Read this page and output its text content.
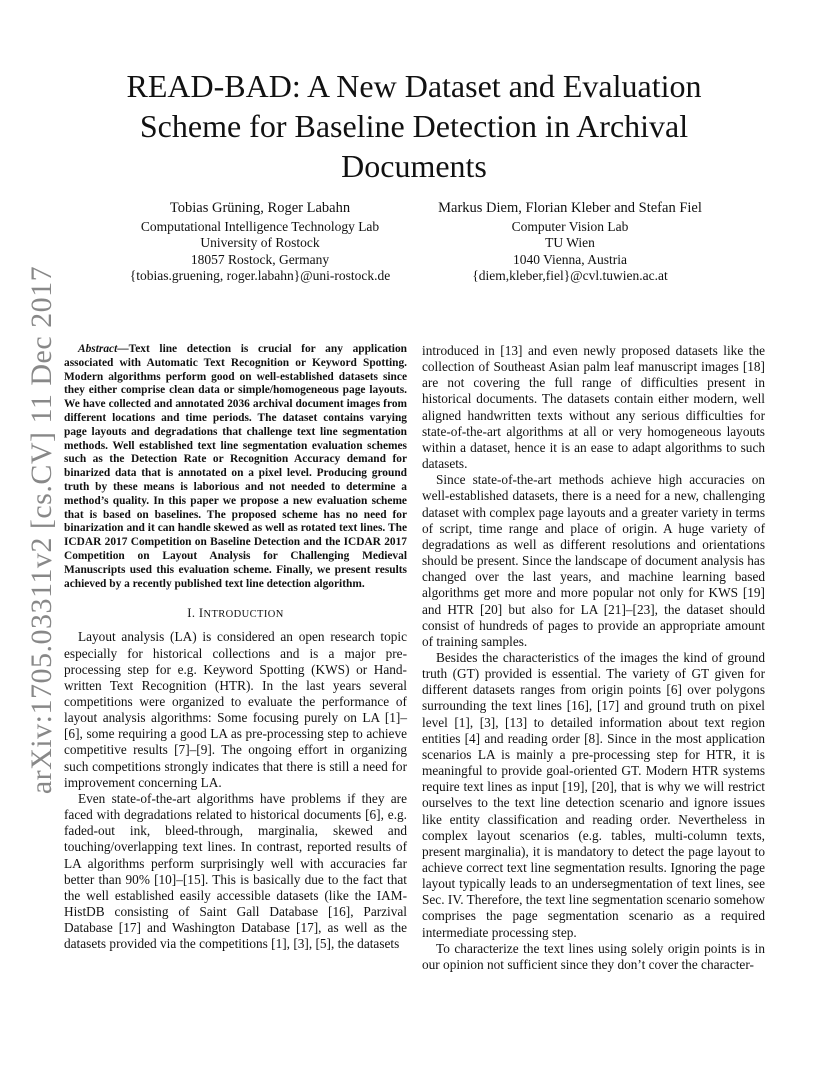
arXiv:1705.03311v2 [cs.CV] 11 Dec 2017
READ-BAD: A New Dataset and Evaluation Scheme for Baseline Detection in Archival Documents
Tobias Grüning, Roger Labahn
Computational Intelligence Technology Lab
University of Rostock
18057 Rostock, Germany
{tobias.gruening, roger.labahn}@uni-rostock.de
Markus Diem, Florian Kleber and Stefan Fiel
Computer Vision Lab
TU Wien
1040 Vienna, Austria
{diem,kleber,fiel}@cvl.tuwien.ac.at

Abstract—Text line detection is crucial for any application associated with Automatic Text Recognition or Keyword Spotting. Modern algorithms perform good on well-established datasets since they either comprise clean data or simple/homogeneous page layouts. We have collected and annotated 2036 archival document images from different locations and time periods. The dataset contains varying page layouts and degradations that challenge text line segmentation methods. Well established text line segmentation evaluation schemes such as the Detection Rate or Recognition Accuracy demand for binarized data that is annotated on a pixel level. Producing ground truth by these means is laborious and not needed to determine a method’s quality. In this paper we propose a new evaluation scheme that is based on baselines. The proposed scheme has no need for binarization and it can handle skewed as well as rotated text lines. The ICDAR 2017 Competition on Baseline Detection and the ICDAR 2017 Competition on Layout Analysis for Challenging Medieval Manuscripts used this evaluation scheme. Finally, we present results achieved by a recently published text line detection algorithm.

I. INTRODUCTION

Layout analysis (LA) is considered an open research topic especially for historical collections and is a major pre-processing step for e.g. Keyword Spotting (KWS) or Hand-written Text Recognition (HTR). In the last years several competitions were organized to evaluate the performance of layout analysis algorithms: Some focusing purely on LA [1]–[6], some requiring a good LA as pre-processing step to achieve competitive results [7]–[9]. The ongoing effort in organizing such competitions strongly indicates that there is still a need for improvement concerning LA.

Even state-of-the-art algorithms have problems if they are faced with degradations related to historical documents [6], e.g. faded-out ink, bleed-through, marginalia, skewed and touching/overlapping text lines. In contrast, reported results of LA algorithms perform surprisingly well with accuracies far better than 90% [10]–[15]. This is basically due to the fact that the well established easily accessible datasets (like the IAM-HistDB consisting of Saint Gall Database [16], Parzival Database [17] and Washington Database [17], as well as the datasets provided via the competitions [1], [3], [5], the datasets

introduced in [13] and even newly proposed datasets like the collection of Southeast Asian palm leaf manuscript images [18] are not covering the full range of difficulties present in historical documents. The datasets contain either modern, well aligned handwritten texts without any serious difficulties for state-of-the-art algorithms at all or very homogeneous layouts within a dataset, hence it is an ease to adapt algorithms to such datasets.

Since state-of-the-art methods achieve high accuracies on well-established datasets, there is a need for a new, challenging dataset with complex page layouts and a greater variety in terms of script, time range and place of origin. A huge variety of degradations as well as different resolutions and orientations should be present. Since the landscape of document analysis has changed over the last years, and machine learning based algorithms get more and more popular not only for KWS [19] and HTR [20] but also for LA [21]–[23], the dataset should consist of hundreds of pages to provide an appropriate amount of training samples.

Besides the characteristics of the images the kind of ground truth (GT) provided is essential. The variety of GT given for different datasets ranges from origin points [6] over polygons surrounding the text lines [16], [17] and ground truth on pixel level [1], [3], [13] to detailed information about text region entities [4] and reading order [8]. Since in the most application scenarios LA is mainly a pre-processing step for HTR, it is meaningful to provide goal-oriented GT. Modern HTR systems require text lines as input [19], [20], that is why we will restrict ourselves to the text line detection scenario and ignore issues like entity classification and reading order. Nevertheless in complex layout scenarios (e.g. tables, multi-column texts, present marginalia), it is mandatory to detect the page layout to achieve correct text line segmentation results. Ignoring the page layout typically leads to an undersegmentation of text lines, see Sec. IV. Therefore, the text line segmentation scenario somehow comprises the page segmentation scenario as a required intermediate processing step.

To characterize the text lines using solely origin points is in our opinion not sufficient since they don’t cover the character-
